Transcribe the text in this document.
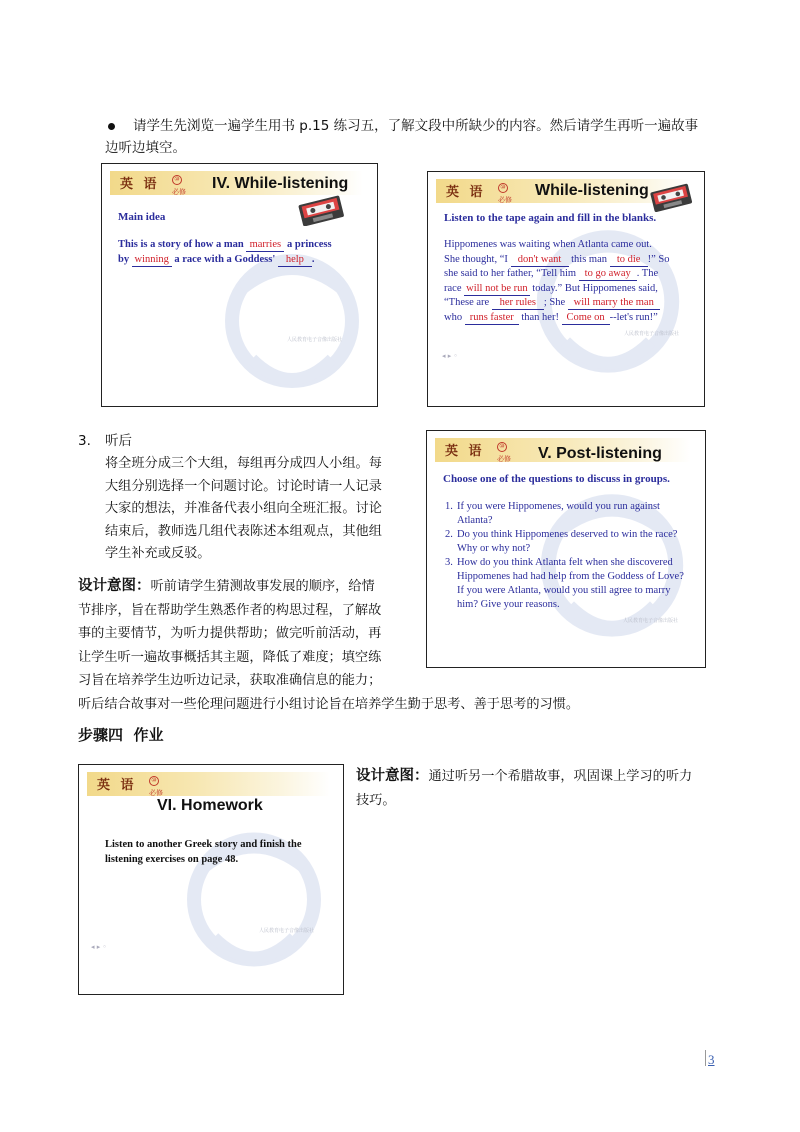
请学生先浏览一遍学生用书 p.15 练习五，了解文段中所缺少的内容。然后请学生再听一遍故事
边听边填空。
英 语	⑩
必修 IV. While-listening
Main idea
This is a story of how a man marries a princess
by winning a race with a Goddess' help .
人民教育电子音像出版社
英 语	⑩
必修
While-listening
Listen to the tape again and fill in the blanks.
Hippomenes was waiting when Atlanta came out.
She thought, “I don't want this man to die !” So
she said to her father, “Tell him to go away . The
race will not be run today.” But Hippomenes said,
“These are her rules ; She will marry the man
who runs faster than her! Come on --let's run!”
人民教育电子音像出版社
◂ ▸ ◦
3. 听后
将全班分成三个大组，每组再分成四人小组。每
大组分别选择一个问题讨论。讨论时请一人记录
大家的想法，并准备代表小组向全班汇报。讨论
结束后，教师选几组代表陈述本组观点，其他组
学生补充或反驳。
英 语	⑩
必修 V. Post-listening
Choose one of the questions to discuss in groups.
1. If you were Hippomenes, would you run against Atlanta?
2. Do you think Hippomenes deserved to win the race? Why or why not?
3. How do you think Atlanta felt when she discovered Hippomenes had had help from the Goddess of Love? If you were Atlanta, would you still agree to marry him? Give your reasons.
人民教育电子音像出版社
设计意图：听前请学生猜测故事发展的顺序，给情
节排序，旨在帮助学生熟悉作者的构思过程，了解故
事的主要情节，为听力提供帮助；做完听前活动，再
让学生听一遍故事概括其主题，降低了难度；填空练
习旨在培养学生边听边记录，获取准确信息的能力；
听后结合故事对一些伦理问题进行小组讨论旨在培养学生勤于思考、善于思考的习惯。
步骤四  作业
英 语	⑩
必修
VI. Homework
Listen to another Greek story and finish the
listening exercises on page 48.
人民教育电子音像出版社
◂ ▸ ◦
设计意图：通过听另一个希腊故事，巩固课上学习的听力
技巧。
3
